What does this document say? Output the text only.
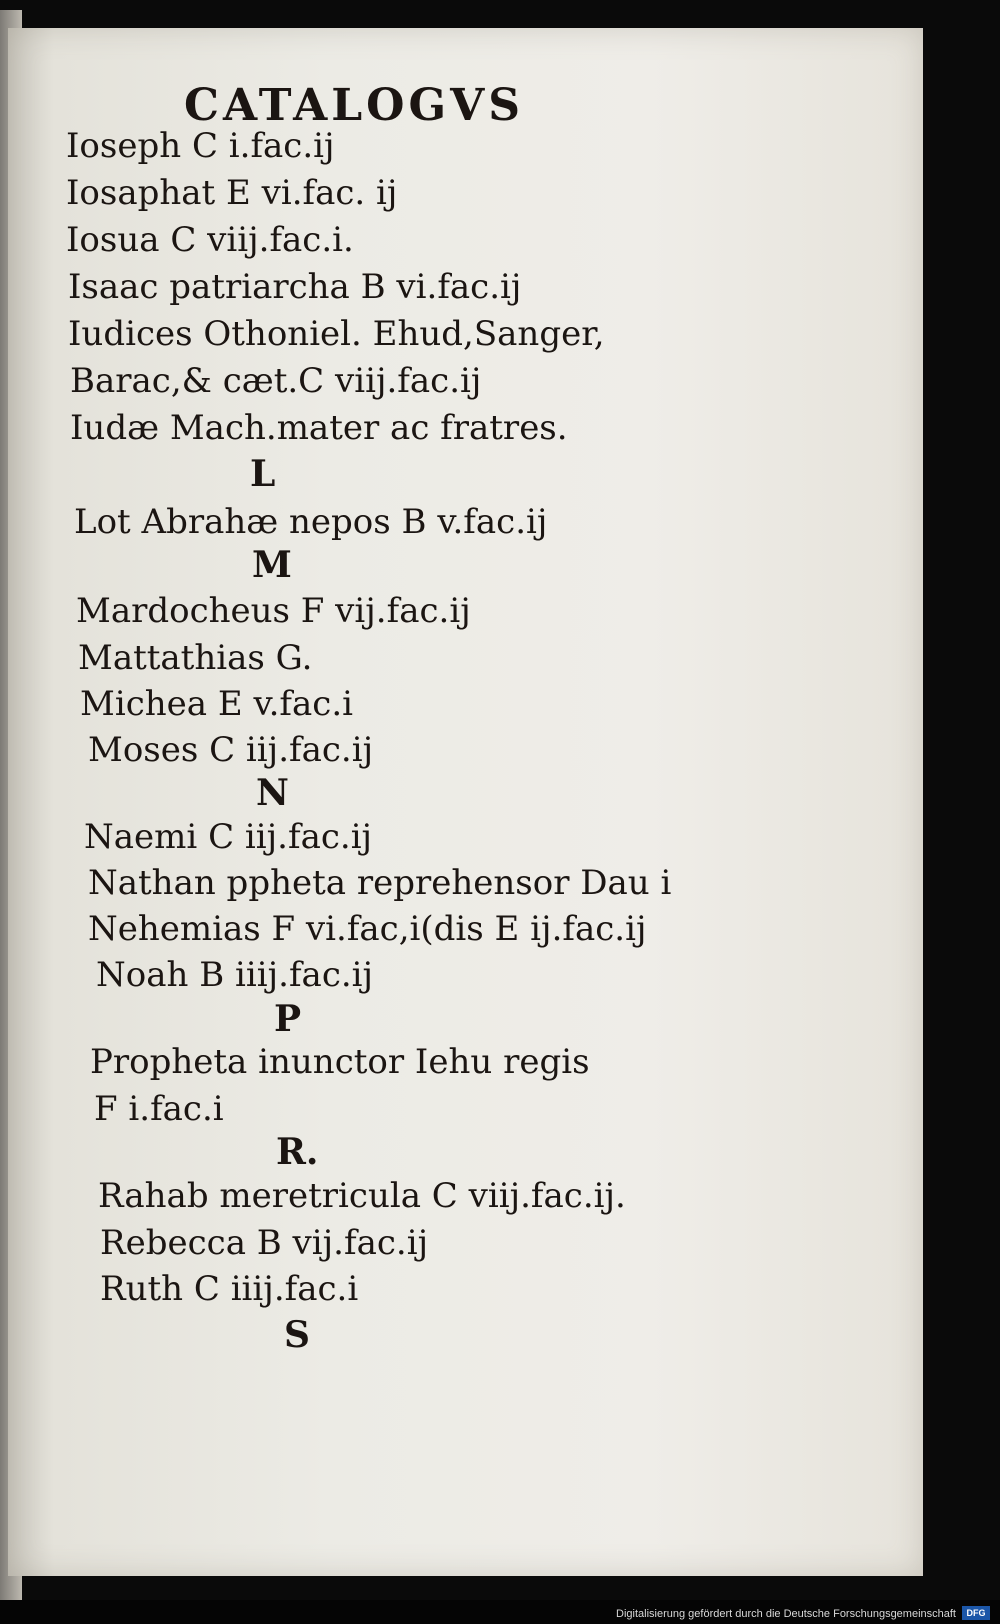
CATALOGVS
Ioseph C i.fac.ij
Iosaphat E vi.fac. ij
Iosua C viij.fac.i.
Isaac patriarcha B vi.fac.ij
Iudices Othoniel. Ehud,Sanger,
Barac,& cæt.C viij.fac.ij
Iudæ Mach.mater ac fratres.
L
Lot Abrahæ nepos B v.fac.ij
M
Mardocheus F vij.fac.ij
Mattathias G.
Michea E v.fac.i
Moses C iij.fac.ij
N
Naemi C iij.fac.ij
Nathan ppheta reprehensor Dau i
Nehemias F vi.fac,i(dis E ij.fac.ij
Noah B iiij.fac.ij
P
Propheta inunctor Iehu regis
F i.fac.i
R.
Rahab meretricula C viij.fac.ij.
Rebecca B vij.fac.ij
Ruth C iiij.fac.i
S
Digitalisierung gefördert durch die Deutsche Forschungsgemeinschaft	DFG
